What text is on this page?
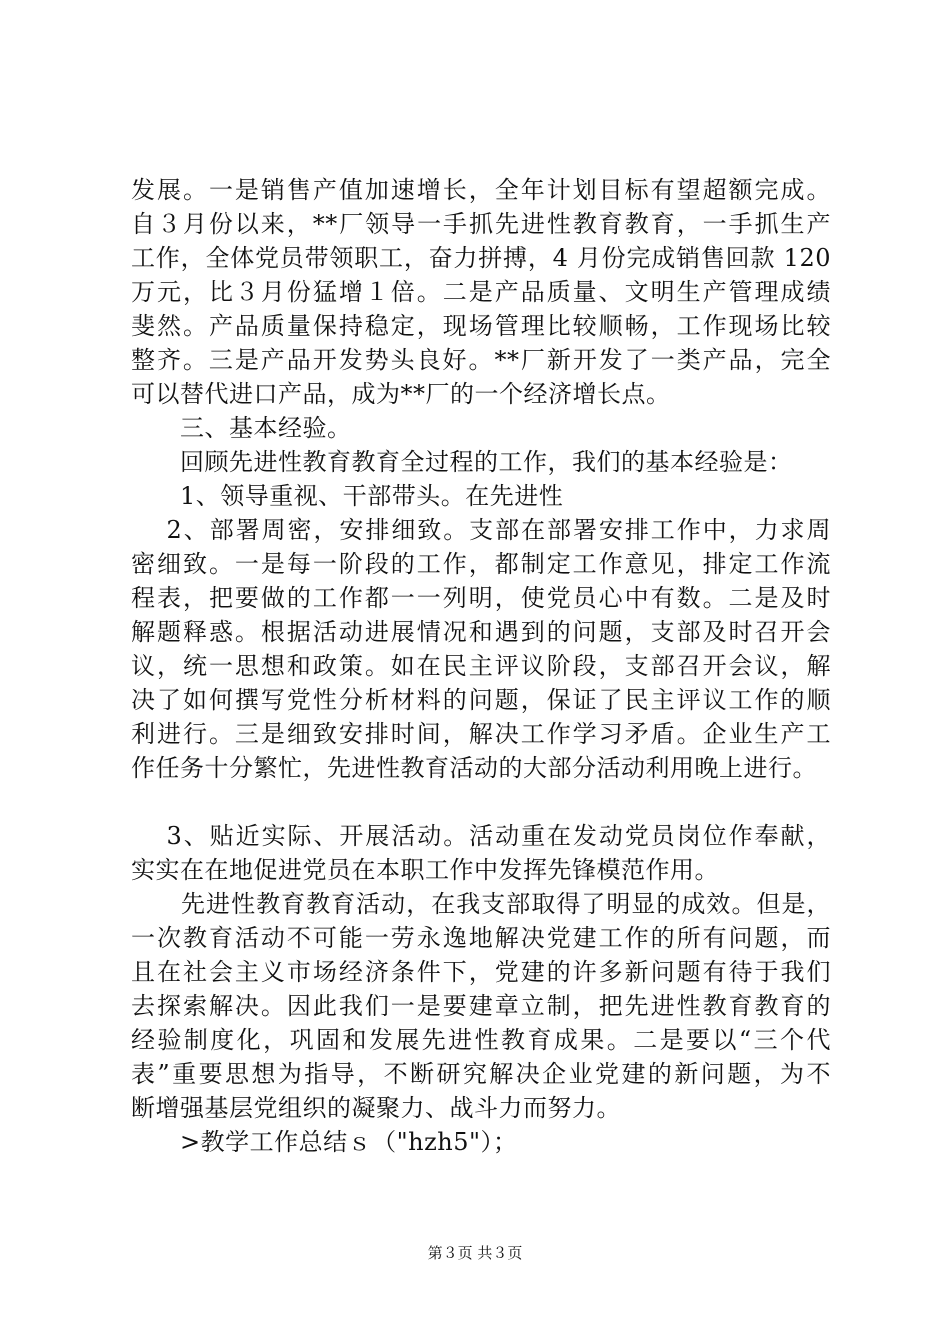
发展。一是销售产值加速增长，全年计划目标有望超额完成。
自３月份以来，**厂领导一手抓先进性教育教育，一手抓生产
工作，全体党员带领职工，奋力拼搏，4 月份完成销售回款 120
万元，比３月份猛增１倍。二是产品质量、文明生产管理成绩
斐然。产品质量保持稳定，现场管理比较顺畅，工作现场比较
整齐。三是产品开发势头良好。**厂新开发了一类产品，完全
可以替代进口产品，成为**厂的一个经济增长点。
　　三、基本经验。
　　回顾先进性教育教育全过程的工作，我们的基本经验是：
　　1、领导重视、干部带头。在先进性
　 2、部署周密，安排细致。支部在部署安排工作中，力求周
密细致。一是每一阶段的工作，都制定工作意见，排定工作流
程表，把要做的工作都一一列明，使党员心中有数。二是及时
解题释惑。根据活动进展情况和遇到的问题，支部及时召开会
议，统一思想和政策。如在民主评议阶段，支部召开会议，解
决了如何撰写党性分析材料的问题，保证了民主评议工作的顺
利进行。三是细致安排时间，解决工作学习矛盾。企业生产工
作任务十分繁忙，先进性教育活动的大部分活动利用晚上进行。
　 3、贴近实际、开展活动。活动重在发动党员岗位作奉献，
实实在在地促进党员在本职工作中发挥先锋模范作用。
　　先进性教育教育活动，在我支部取得了明显的成效。但是，
一次教育活动不可能一劳永逸地解决党建工作的所有问题，而
且在社会主义市场经济条件下，党建的许多新问题有待于我们
去探索解决。因此我们一是要建章立制，把先进性教育教育的
经验制度化，巩固和发展先进性教育成果。二是要以“三个代
表”重要思想为指导，不断研究解决企业党建的新问题，为不
断增强基层党组织的凝聚力、战斗力而努力。
　　>教学工作总结ｓ（"hzh5"）；
第３页 共３页
